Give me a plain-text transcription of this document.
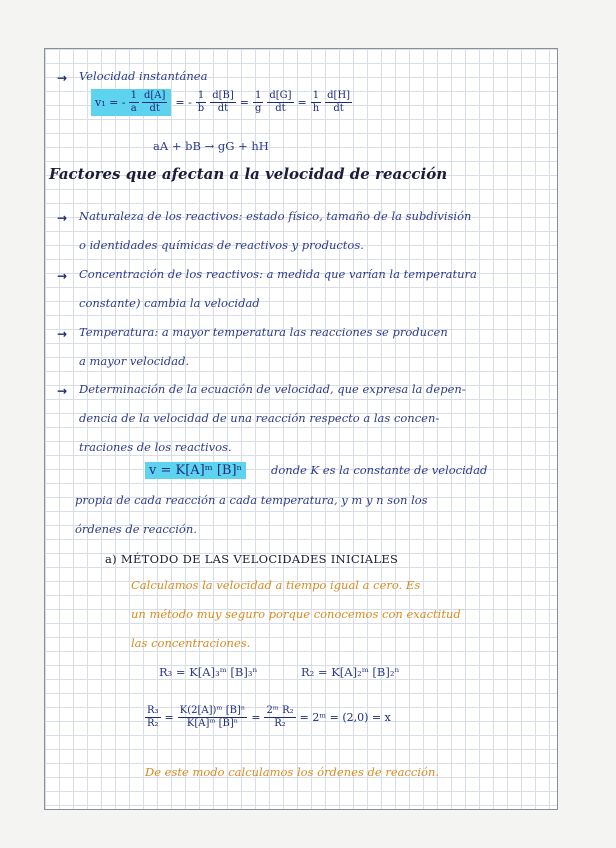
→ Velocidad instantánea
v₁ = - $\frac{1}{a} \frac{d[A]}{dt}$ = - $\frac{1}{b} \frac{d[B]}{dt} = \frac{1}{g} \frac{d[G]}{dt} = \frac{1}{h} \frac{d[H]}{dt}$
aA + bB → gG + hH
Factores que afectan a la velocidad de reacción
→ Naturaleza de los reactivos: estado físico, tamaño de la subdivisión
o identidades químicas de reactivos y productos.
→ Concentración de los reactivos: a medida que varían la temperatura
constante) cambia la velocidad
→ Temperatura: a mayor temperatura las reacciones se producen
a mayor velocidad.
→ Determinación de la ecuación de velocidad, que expresa la depen-
dencia de la velocidad de una reacción respecto a las concen-
traciones de los reactivos.
v = K[A]ᵐ [B]ⁿ	donde K es la constante de velocidad
propia de cada reacción a cada temperatura, y m y n son los
órdenes de reacción.
a) MÉTODO DE LAS VELOCIDADES INICIALES
Calculamos la velocidad a tiempo igual a cero. Es
un método muy seguro porque conocemos con exactitud
las concentraciones.
R₃ = K[A]₃ᵐ [B]₃ⁿ	R₂ = K[A]₂ᵐ [B]₂ⁿ
$\frac{\text{R₃}}{\text{R₂}} = \frac{\text{K(2[A])ᵐ [B]ⁿ}}{\text{K[A]ᵐ [B]ⁿ}} = \frac{\text{2ᵐ R₂}}{\text{R₂}}$ = 2ᵐ = (2,0) = x
De este modo calculamos los órdenes de reacción.
